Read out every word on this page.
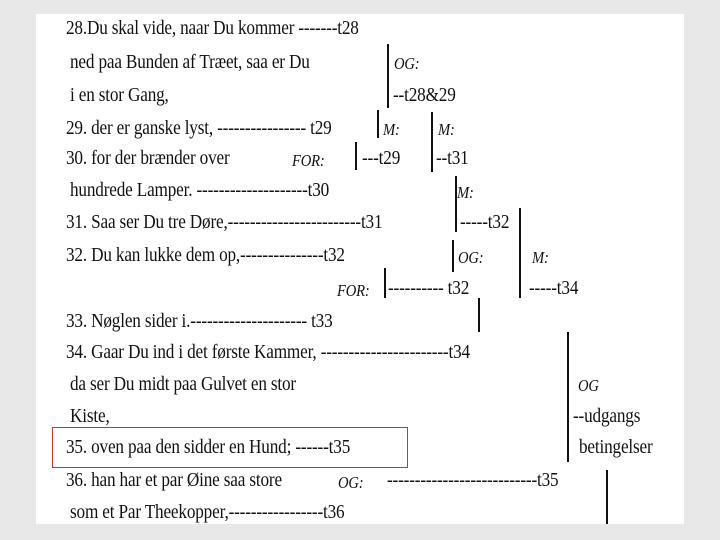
28.Du skal vide, naar Du kommer -------t28
ned paa Bunden af Træet, saa er Du
i en stor Gang,
29. der er ganske lyst, ---------------- t29
30. for der brænder over
hundrede Lamper. --------------------t30
31. Saa ser Du tre Døre,------------------------t31
32. Du kan lukke dem op,---------------t32
---------- t32
33. Nøglen sider i.--------------------- t33
34. Gaar Du ind i det første Kammer, -----------------------t34
da ser Du midt paa Gulvet en stor
Kiste,
35. oven paa den sidder en Hund; ------t35
36. han har et par Øine saa store
som et Par Theekopper,-----------------t36
OG:
--t28&29
M: M:
FOR: ---t29 --t31
M:
-----t32
OG:	M:
FOR:	-----t34
OG
--udgangs
betingelser
OG: ---------------------------t35
